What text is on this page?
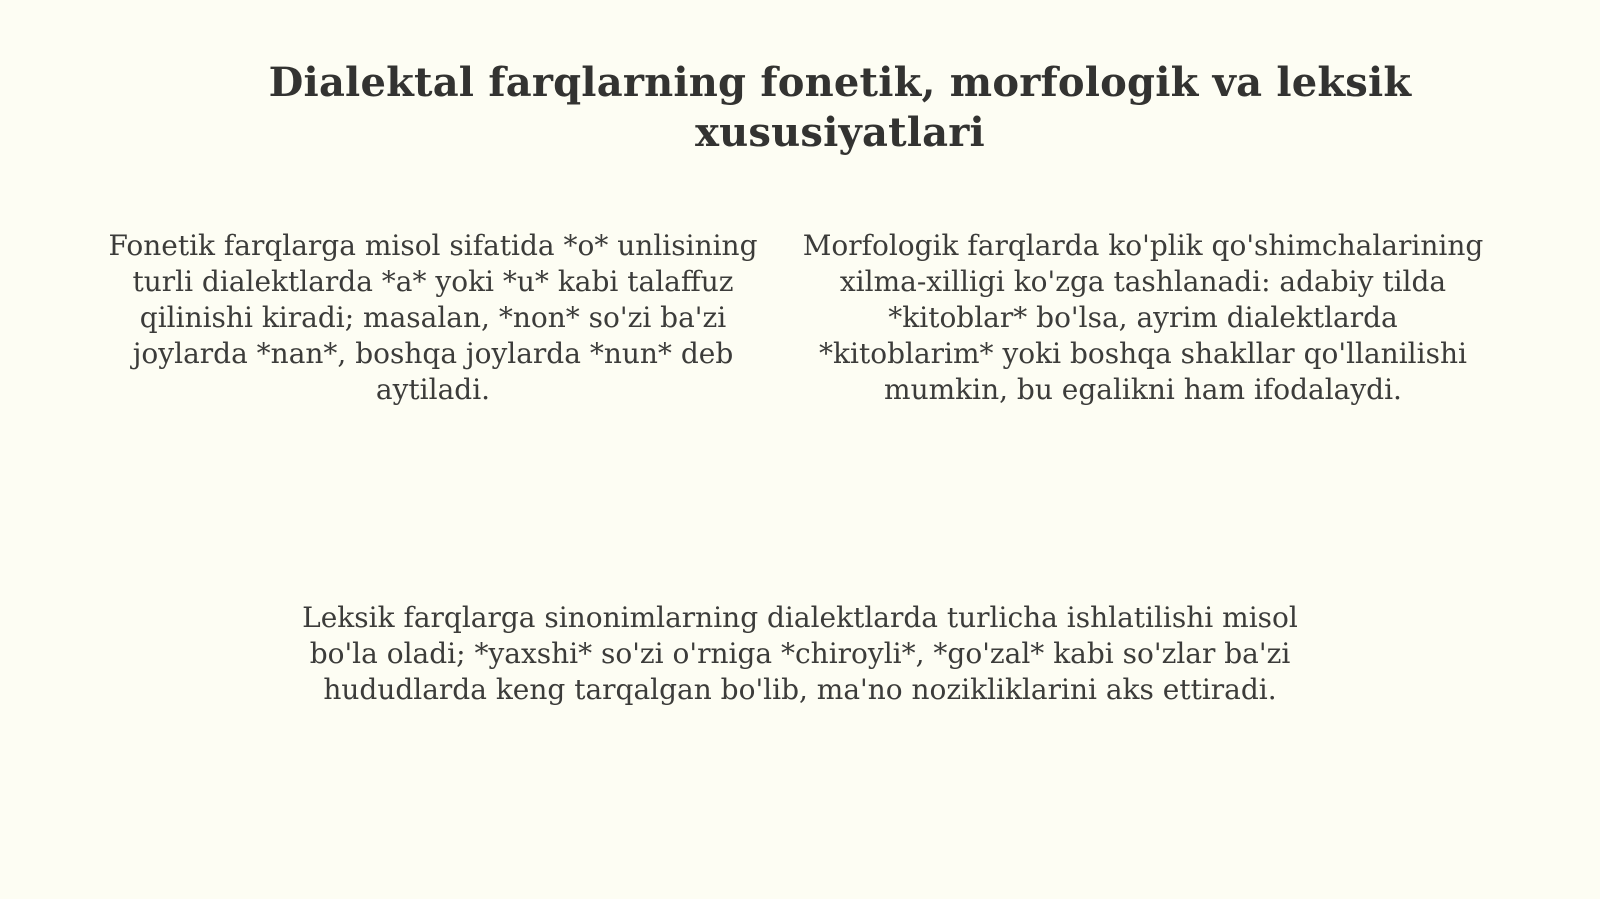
Dialektal farqlarning fonetik, morfologik va leksik xususiyatlari

Fonetik farqlarga misol sifatida *o* unlisining turli dialektlarda *a* yoki *u* kabi talaffuz qilinishi kiradi; masalan, *non* so'zi ba'zi joylarda *nan*, boshqa joylarda *nun* deb aytiladi.

Morfologik farqlarda ko'plik qo'shimchalarining xilma-xilligi ko'zga tashlanadi: adabiy tilda *kitoblar* bo'lsa, ayrim dialektlarda *kitoblarim* yoki boshqa shakllar qo'llanilishi mumkin, bu egalikni ham ifodalaydi.

Leksik farqlarga sinonimlarning dialektlarda turlicha ishlatilishi misol bo'la oladi; *yaxshi* so'zi o'rniga *chiroyli*, *go'zal* kabi so'zlar ba'zi hududlarda keng tarqalgan bo'lib, ma'no nozikliklarini aks ettiradi.
